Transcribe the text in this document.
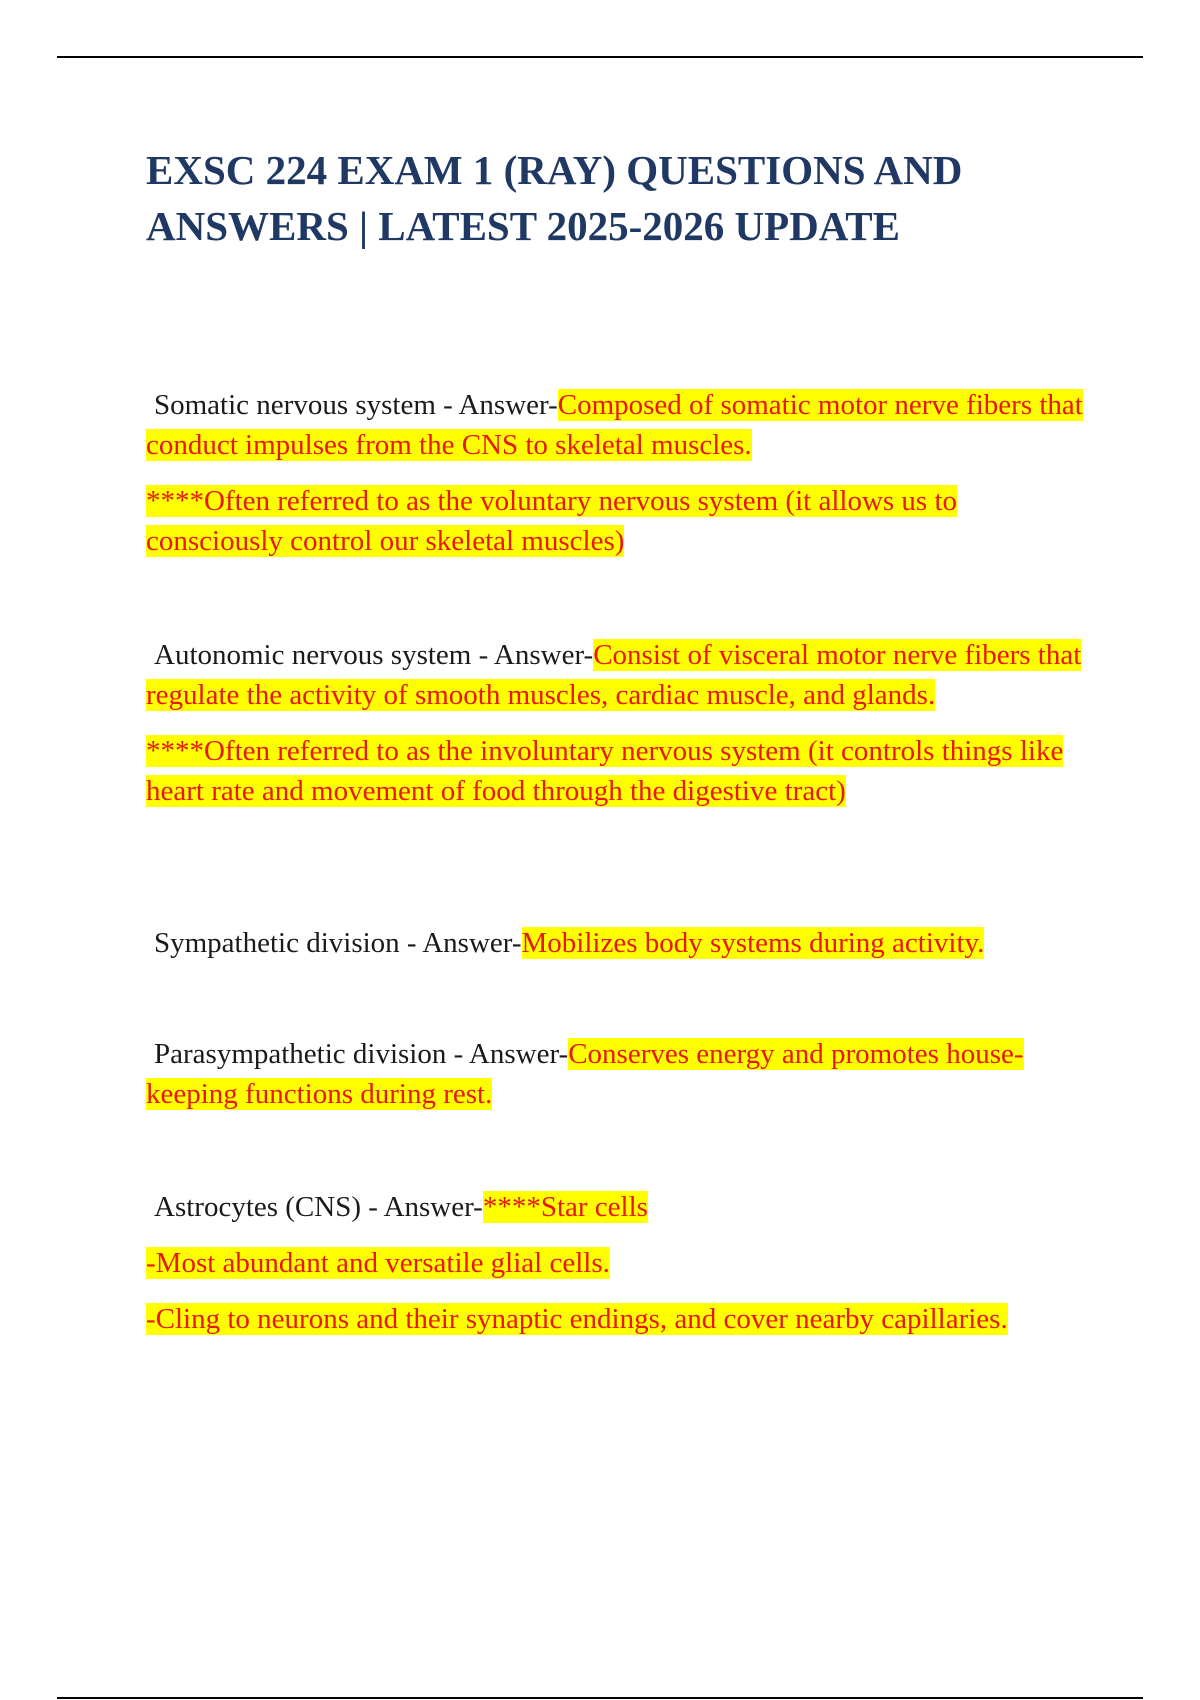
EXSC 224 EXAM 1 (RAY) QUESTIONS AND ANSWERS | LATEST 2025-2026 UPDATE

Somatic nervous system - Answer-Composed of somatic motor nerve fibers that conduct impulses from the CNS to skeletal muscles.

****Often referred to as the voluntary nervous system (it allows us to consciously control our skeletal muscles)

Autonomic nervous system - Answer-Consist of visceral motor nerve fibers that regulate the activity of smooth muscles, cardiac muscle, and glands.

****Often referred to as the involuntary nervous system (it controls things like heart rate and movement of food through the digestive tract)

Sympathetic division - Answer-Mobilizes body systems during activity.

Parasympathetic division - Answer-Conserves energy and promotes house-keeping functions during rest.

Astrocytes (CNS) - Answer-****Star cells

-Most abundant and versatile glial cells.

-Cling to neurons and their synaptic endings, and cover nearby capillaries.
